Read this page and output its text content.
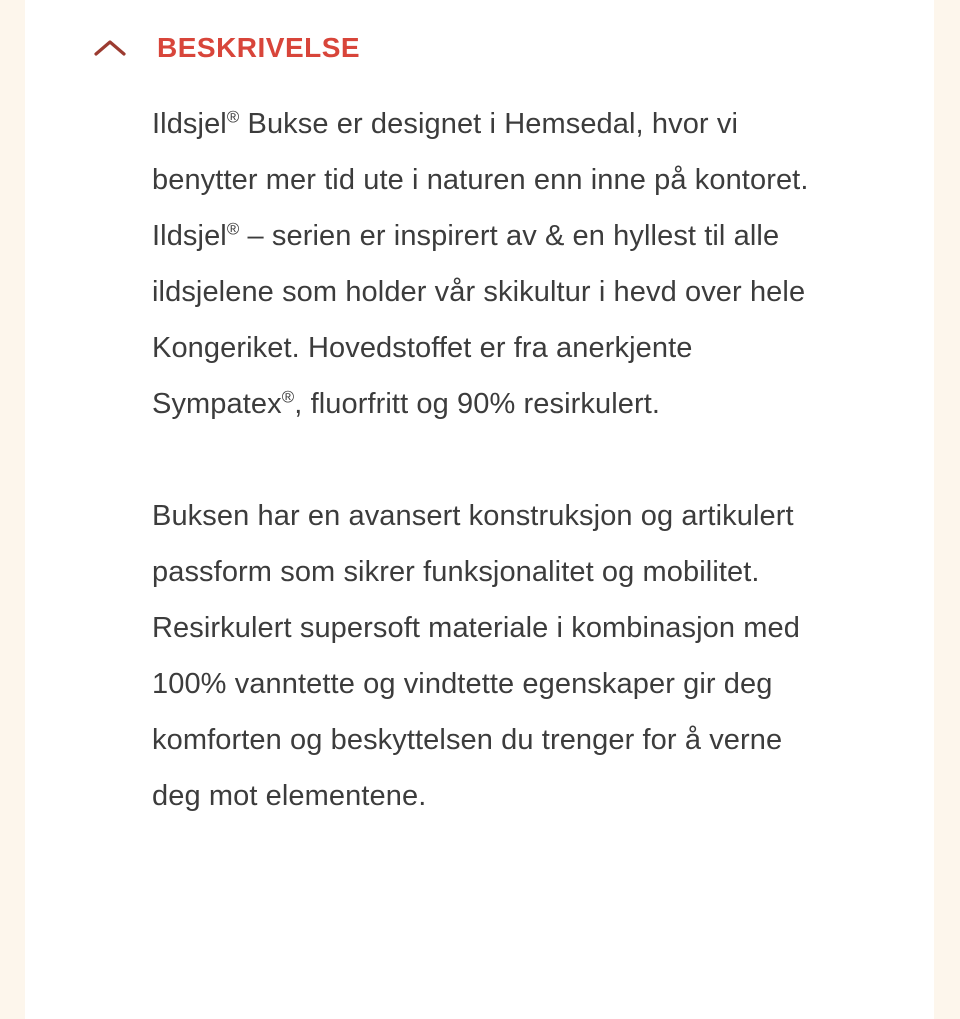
BESKRIVELSE

Ildsjel® Bukse er designet i Hemsedal, hvor vi benytter mer tid ute i naturen enn inne på kontoret. Ildsjel® – serien er inspirert av & en hyllest til alle ildsjelene som holder vår skikultur i hevd over hele Kongeriket. Hovedstoffet er fra anerkjente Sympatex®, fluorfritt og 90% resirkulert.

Buksen har en avansert konstruksjon og artikulert passform som sikrer funksjonalitet og mobilitet. Resirkulert supersoft materiale i kombinasjon med 100% vanntette og vindtette egenskaper gir deg komforten og beskyttelsen du trenger for å verne deg mot elementene.
